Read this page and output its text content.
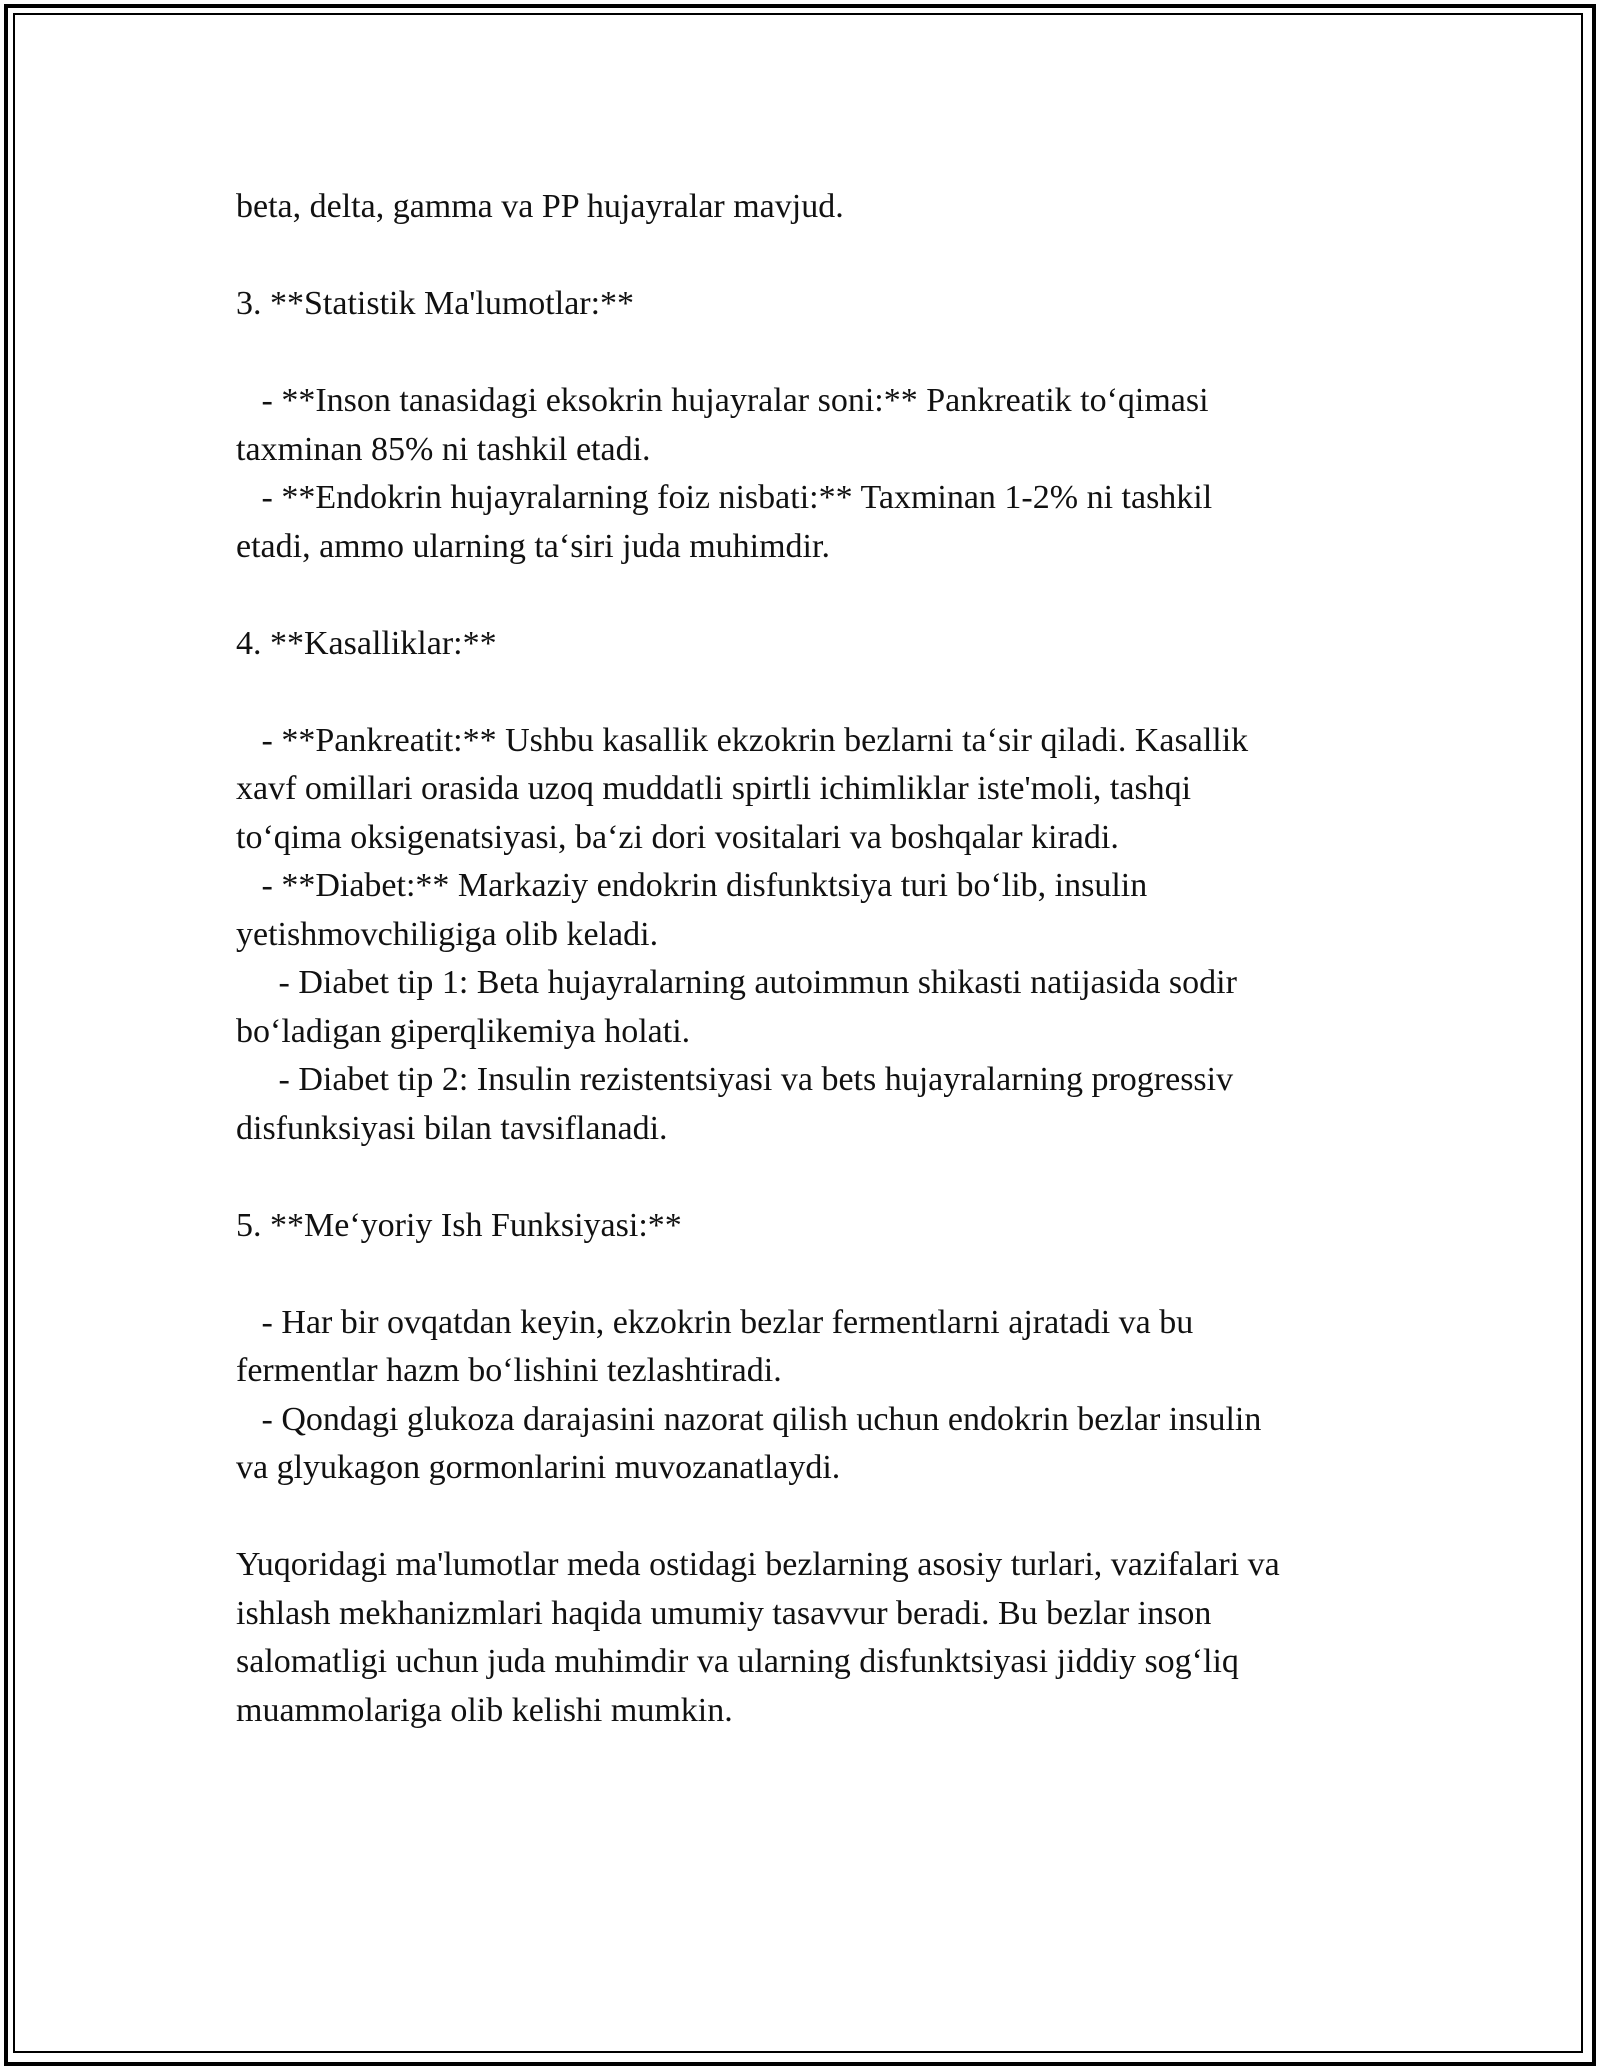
beta, delta, gamma va PP hujayralar mavjud.

3. **Statistik Ma'lumotlar:**

- **Inson tanasidagi eksokrin hujayralar soni:** Pankreatik to‘qimasi
taxminan 85% ni tashkil etadi.

- **Endokrin hujayralarning foiz nisbati:** Taxminan 1-2% ni tashkil
etadi, ammo ularning ta‘siri juda muhimdir.

4. **Kasalliklar:**

- **Pankreatit:** Ushbu kasallik ekzokrin bezlarni ta‘sir qiladi. Kasallik
xavf omillari orasida uzoq muddatli spirtli ichimliklar iste'moli, tashqi
to‘qima oksigenatsiyasi, ba‘zi dori vositalari va boshqalar kiradi.

- **Diabet:** Markaziy endokrin disfunktsiya turi bo‘lib, insulin
yetishmovchiligiga olib keladi.

- Diabet tip 1: Beta hujayralarning autoimmun shikasti natijasida sodir
bo‘ladigan giperqlikemiya holati.

- Diabet tip 2: Insulin rezistentsiyasi va bets hujayralarning progressiv
disfunksiyasi bilan tavsiflanadi.

5. **Me‘yoriy Ish Funksiyasi:**

- Har bir ovqatdan keyin, ekzokrin bezlar fermentlarni ajratadi va bu
fermentlar hazm bo‘lishini tezlashtiradi.

- Qondagi glukoza darajasini nazorat qilish uchun endokrin bezlar insulin
va glyukagon gormonlarini muvozanatlaydi.

Yuqoridagi ma'lumotlar meda ostidagi bezlarning asosiy turlari, vazifalari va
ishlash mekhanizmlari haqida umumiy tasavvur beradi. Bu bezlar inson
salomatligi uchun juda muhimdir va ularning disfunktsiyasi jiddiy sog‘liq
muammolariga olib kelishi mumkin.
